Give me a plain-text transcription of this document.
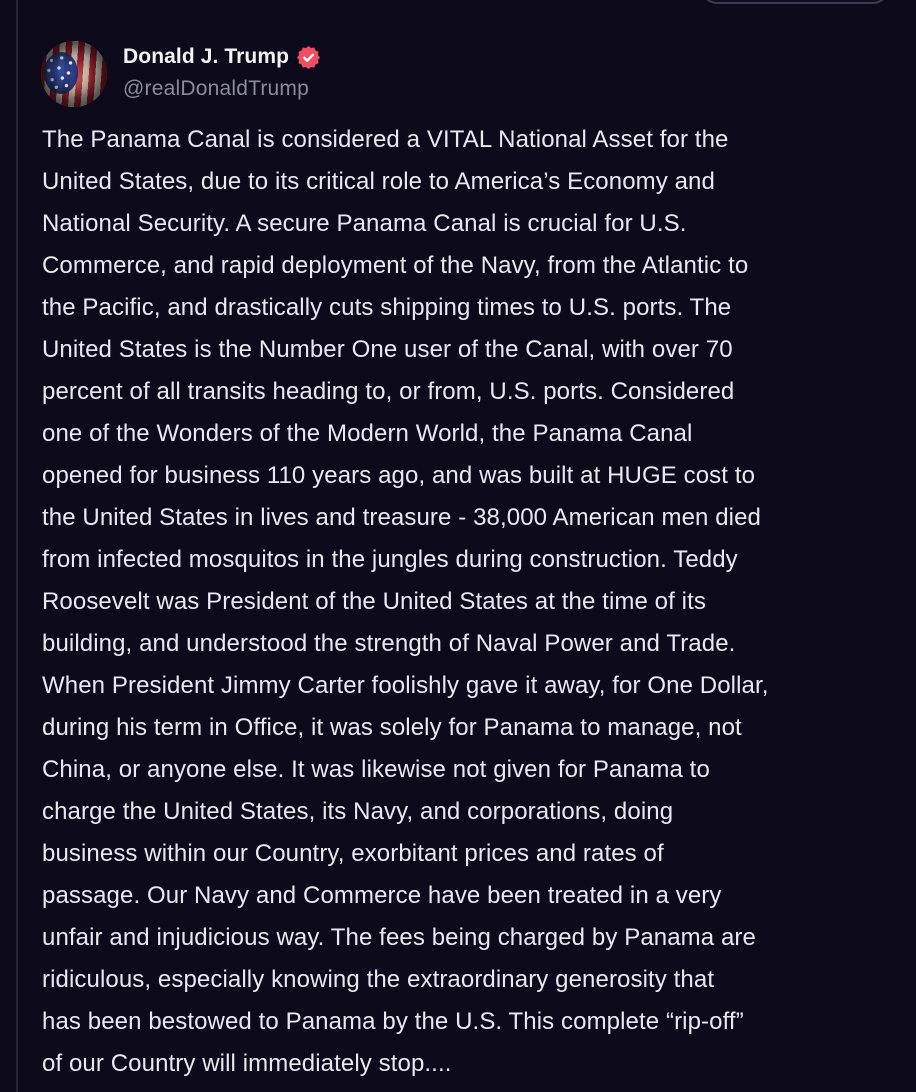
Donald J. Trump
@realDonaldTrump
The Panama Canal is considered a VITAL National Asset for the
United States, due to its critical role to America’s Economy and
National Security. A secure Panama Canal is crucial for U.S.
Commerce, and rapid deployment of the Navy, from the Atlantic to
the Pacific, and drastically cuts shipping times to U.S. ports. The
United States is the Number One user of the Canal, with over 70
percent of all transits heading to, or from, U.S. ports. Considered
one of the Wonders of the Modern World, the Panama Canal
opened for business 110 years ago, and was built at HUGE cost to
the United States in lives and treasure - 38,000 American men died
from infected mosquitos in the jungles during construction. Teddy
Roosevelt was President of the United States at the time of its
building, and understood the strength of Naval Power and Trade.
When President Jimmy Carter foolishly gave it away, for One Dollar,
during his term in Office, it was solely for Panama to manage, not
China, or anyone else. It was likewise not given for Panama to
charge the United States, its Navy, and corporations, doing
business within our Country, exorbitant prices and rates of
passage. Our Navy and Commerce have been treated in a very
unfair and injudicious way. The fees being charged by Panama are
ridiculous, especially knowing the extraordinary generosity that
has been bestowed to Panama by the U.S. This complete “rip-off”
of our Country will immediately stop....
